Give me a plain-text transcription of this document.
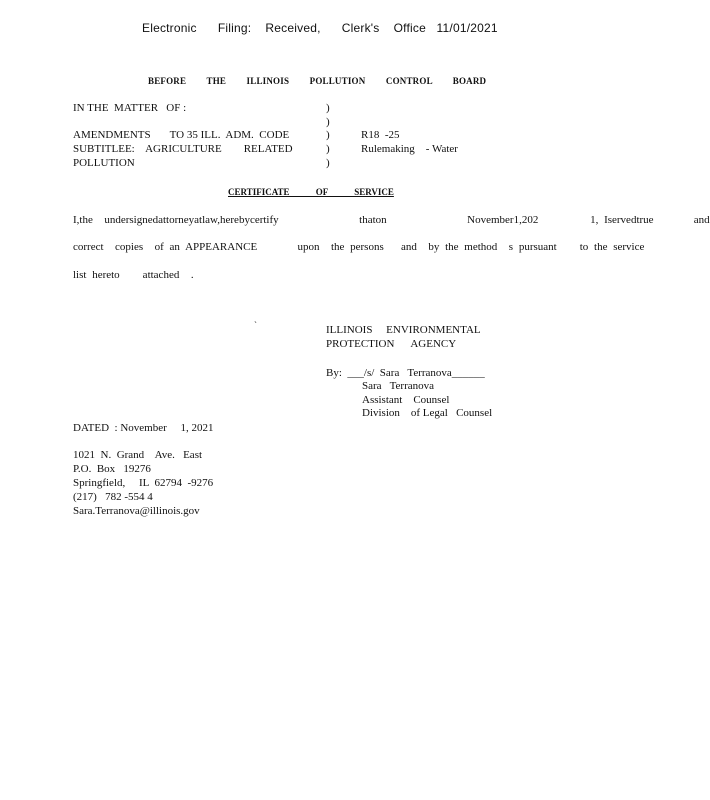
Electronic      Filing:    Received,      Clerk's    Office   11/01/2021
BEFORE THE ILLINOIS POLLUTION CONTROL BOARD
IN THE  MATTER   OF :
AMENDMENTS       TO 35 ILL.  ADM.  CODE
SUBTITLEE:    AGRICULTURE        RELATED
POLLUTION
)
)
)
)
)
R18  -25
Rulemaking    - Water
CERTIFICATE OF SERVICE
I,the  undersignedattorneyatlaw,herebycertify              thaton              November1,202         1, Iservedtrue       and
correct  copies  of an APPEARANCE       upon  the persons   and  by the method  s pursuant    to the service
list hereto    attached  .
`	ILLINOIS     ENVIRONMENTAL
PROTECTION      AGENCY
By:  ___/s/  Sara   Terranova______
Sara   Terranova
Assistant    Counsel
Division    of Legal   Counsel
DATED  : November     1, 2021
1021  N.  Grand    Ave.   East
P.O.  Box   19276
Springfield,     IL  62794  -9276
(217)   782 -554 4
Sara.Terranova@illinois.gov
